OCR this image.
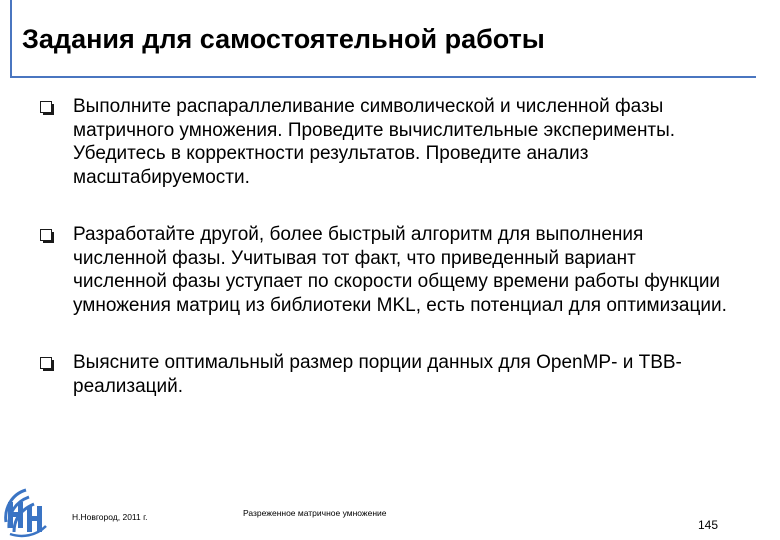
Задания для самостоятельной работы
Выполните распараллеливание символической и численной фазы матричного умножения. Проведите вычислительные эксперименты. Убедитесь в корректности результатов. Проведите анализ масштабируемости.
Разработайте другой, более быстрый алгоритм для выполнения численной фазы. Учитывая тот факт, что приведенный вариант численной фазы уступает по скорости общему времени работы функции умножения матриц из библиотеки MKL, есть потенциал для оптимизации.
Выясните оптимальный размер порции данных для OpenMP- и TBB-реализаций.
Н.Новгород, 2011 г.	Разреженное матричное умножение
145
